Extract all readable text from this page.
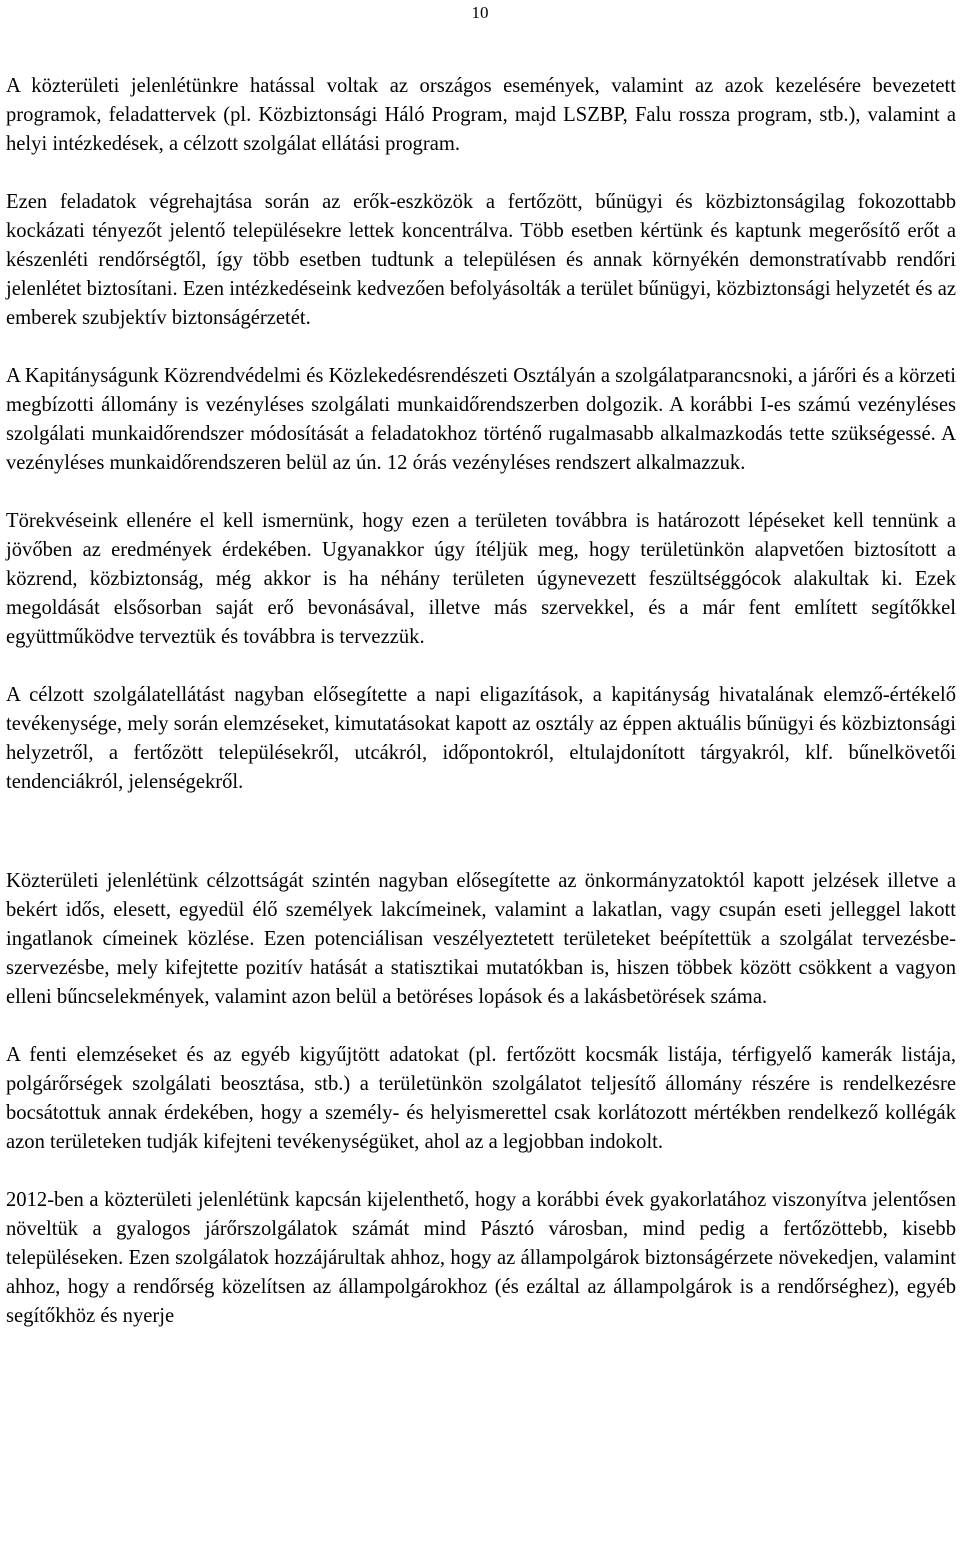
10

A közterületi jelenlétünkre hatással voltak az országos események, valamint az azok kezelésére bevezetett programok, feladattervek (pl. Közbiztonsági Háló Program, majd LSZBP, Falu rossza program, stb.), valamint a helyi intézkedések, a célzott szolgálat ellátási program.

Ezen feladatok végrehajtása során az erők-eszközök a fertőzött, bűnügyi és közbiztonságilag fokozottabb kockázati tényezőt jelentő településekre lettek koncentrálva. Több esetben kértünk és kaptunk megerősítő erőt a készenléti rendőrségtől, így több esetben tudtunk a településen és annak környékén demonstratívabb rendőri jelenlétet biztosítani. Ezen intézkedéseink kedvezően befolyásolták a terület bűnügyi, közbiztonsági helyzetét és az emberek szubjektív biztonságérzetét.

A Kapitányságunk Közrendvédelmi és Közlekedésrendészeti Osztályán a szolgálatparancsnoki, a járőri és a körzeti megbízotti állomány is vezényléses szolgálati munkaidőrendszerben dolgozik. A korábbi I-es számú vezényléses szolgálati munkaidőrendszer módosítását a feladatokhoz történő rugalmasabb alkalmazkodás tette szükségessé. A vezényléses munkaidőrendszeren belül az ún. 12 órás vezényléses rendszert alkalmazzuk.

Törekvéseink ellenére el kell ismernünk, hogy ezen a területen továbbra is határozott lépéseket kell tennünk a jövőben az eredmények érdekében. Ugyanakkor úgy ítéljük meg, hogy területünkön alapvetően biztosított a közrend, közbiztonság, még akkor is ha néhány területen úgynevezett feszültséggócok alakultak ki. Ezek megoldását elsősorban saját erő bevonásával, illetve más szervekkel, és a már fent említett segítőkkel együttműködve terveztük és továbbra is tervezzük.

A célzott szolgálatellátást nagyban elősegítette a napi eligazítások, a kapitányság hivatalának elemző-értékelő tevékenysége, mely során elemzéseket, kimutatásokat kapott az osztály az éppen aktuális bűnügyi és közbiztonsági helyzetről, a fertőzött településekről, utcákról, időpontokról, eltulajdonított tárgyakról, klf. bűnelkövetői tendenciákról, jelenségekről.

Közterületi jelenlétünk célzottságát szintén nagyban elősegítette az önkormányzatoktól kapott jelzések illetve a bekért idős, elesett, egyedül élő személyek lakcímeinek, valamint a lakatlan, vagy csupán eseti jelleggel lakott ingatlanok címeinek közlése. Ezen potenciálisan veszélyeztetett területeket beépítettük a szolgálat tervezésbe-szervezésbe, mely kifejtette pozitív hatását a statisztikai mutatókban is, hiszen többek között csökkent a vagyon elleni bűncselekmények, valamint azon belül a betöréses lopások és a lakásbetörések száma.

A fenti elemzéseket és az egyéb kigyűjtött adatokat (pl. fertőzött kocsmák listája, térfigyelő kamerák listája, polgárőrségek szolgálati beosztása, stb.) a területünkön szolgálatot teljesítő állomány részére is rendelkezésre bocsátottuk annak érdekében, hogy a személy- és helyismerettel csak korlátozott mértékben rendelkező kollégák azon területeken tudják kifejteni tevékenységüket, ahol az a legjobban indokolt.

2012-ben a közterületi jelenlétünk kapcsán kijelenthető, hogy a korábbi évek gyakorlatához viszonyítva jelentősen növeltük a gyalogos járőrszolgálatok számát mind Pásztó városban, mind pedig a fertőzöttebb, kisebb településeken. Ezen szolgálatok hozzájárultak ahhoz, hogy az állampolgárok biztonságérzete növekedjen, valamint ahhoz, hogy a rendőrség közelítsen az állampolgárokhoz (és ezáltal az állampolgárok is a rendőrséghez), egyéb segítőkhöz és nyerje
